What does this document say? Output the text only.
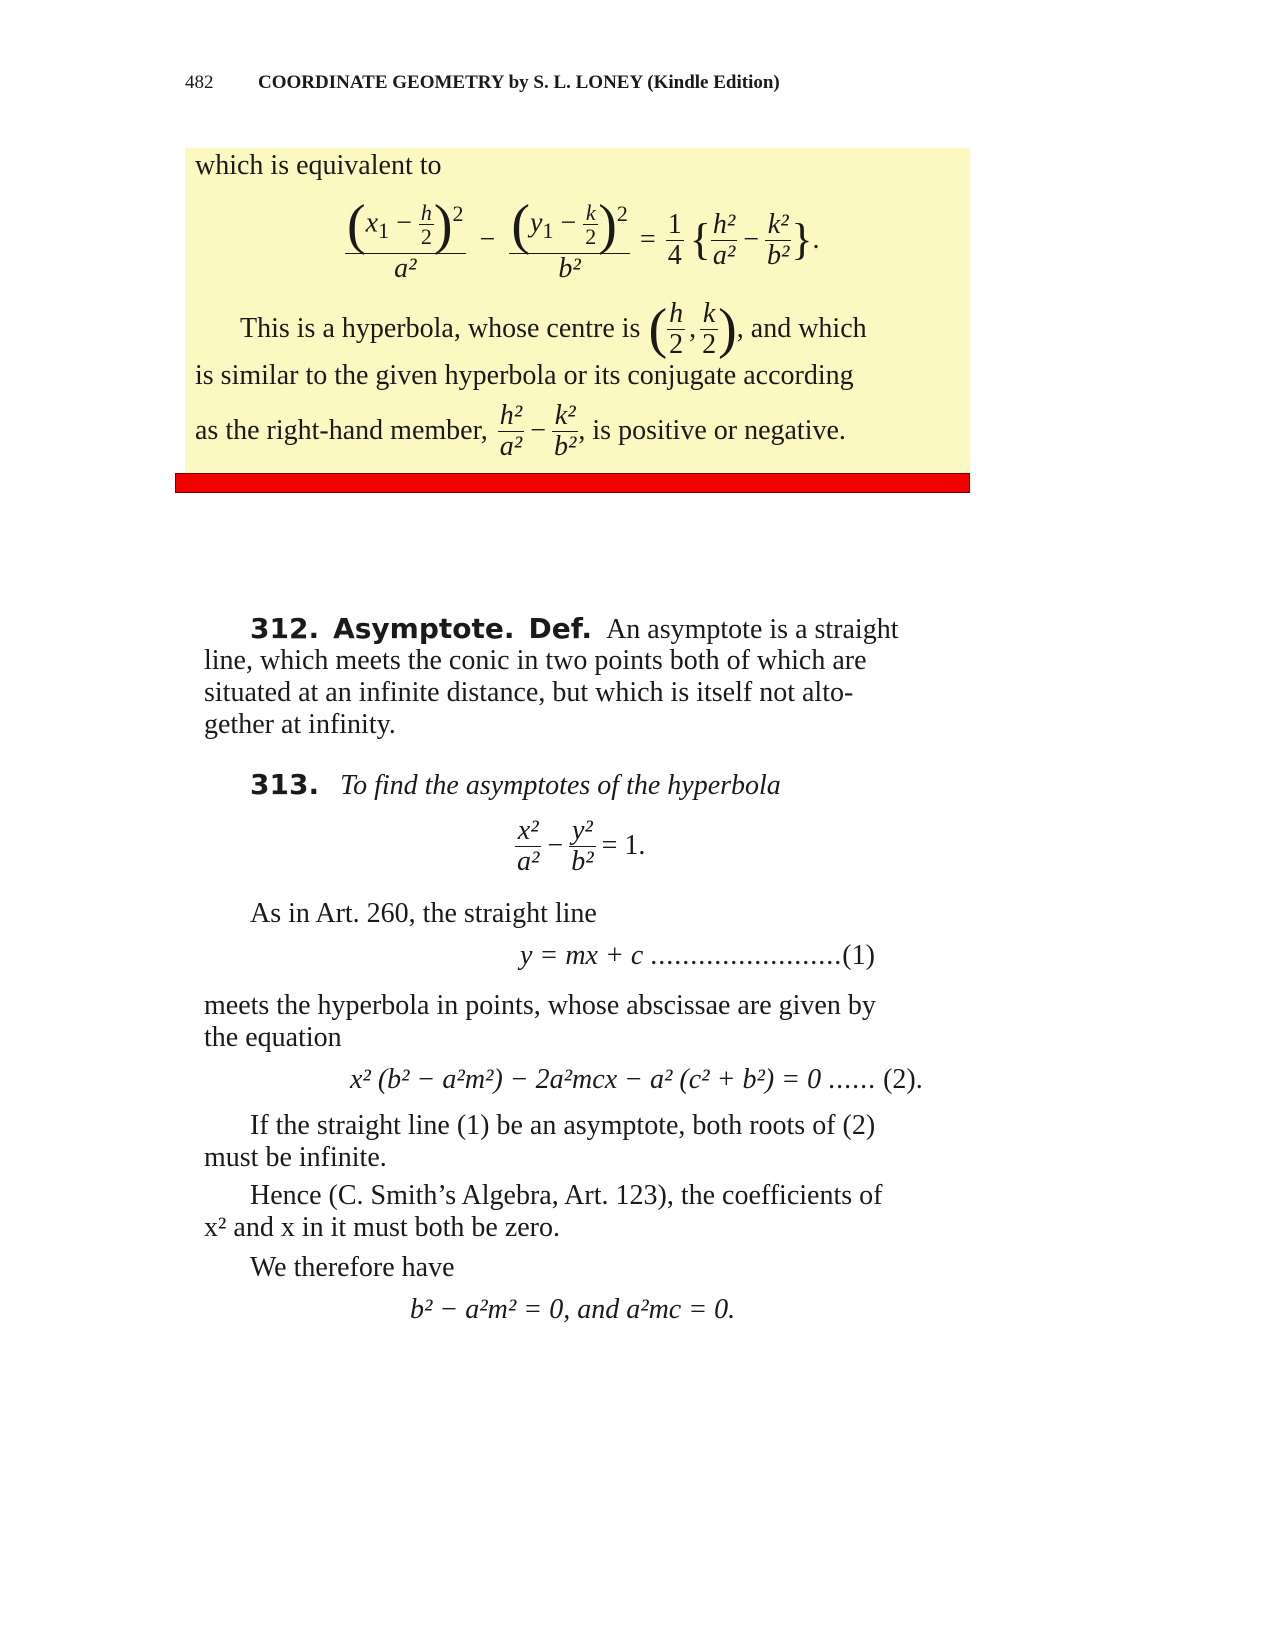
482 COORDINATE GEOMETRY by S. L. LONEY (Kindle Edition)
which is equivalent to
$\frac{(x_1 - \frac{h}{2} )^2}{\text{a²}} - \frac{(y_1 - \frac{k}{2} )^2}{\text{b²}} = \frac{1}{4}$ { $\frac{\text{h²}}{\text{a²}} - \frac{\text{k²}}{\text{b²}}$ } .
This is a hyperbola, whose centre is ( $\frac{h}{2}$ , $\frac{k}{2}$ ) , and which
is similar to the given hyperbola or its conjugate according
as the right-hand member, $\frac{\text{h²}}{\text{a²}} - \frac{\text{k²}}{\text{b²}}$ , is positive or negative.
312. Asymptote. Def. An asymptote is a straight
line, which meets the conic in two points both of which are
situated at an infinite distance, but which is itself not alto-
gether at infinity.
313. To find the asymptotes of the hyperbola
$\frac{\text{x²}}{\text{a²}} - \frac{\text{y²}}{\text{b²}} = 1$.
As in Art. 260, the straight line
y = mx + c ........................(1)
meets the hyperbola in points, whose abscissae are given by
the equation
x² (b² − a²m²) − 2a²mcx − a² (c² + b²) = 0 ...... (2).
If the straight line (1) be an asymptote, both roots of (2)
must be infinite.
Hence (C. Smith’s Algebra, Art. 123), the coefficients of
x² and x in it must both be zero.
We therefore have
b² − a²m² = 0, and a²mc = 0.
